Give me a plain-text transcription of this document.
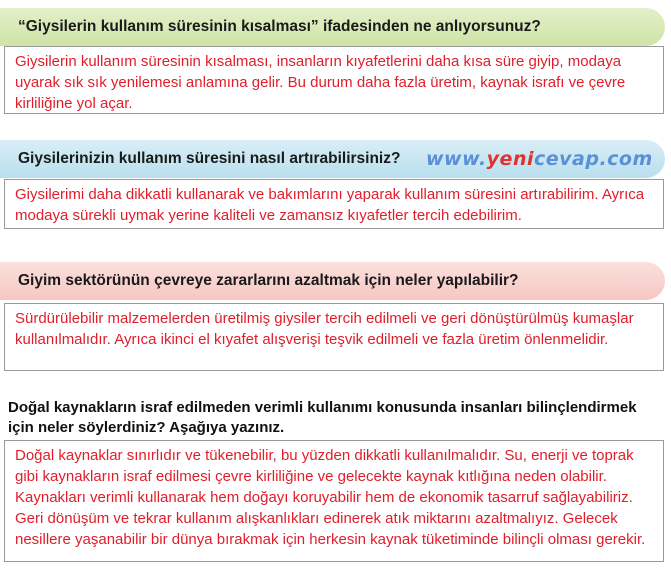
“Giysilerin kullanım süresinin kısalması” ifadesinden ne anlıyorsunuz?
Giysilerin kullanım süresinin kısalması, insanların kıyafetlerini daha kısa süre giyip, modaya uyarak sık sık yenilemesi anlamına gelir. Bu durum daha fazla üretim, kaynak israfı ve çevre kirliliğine yol açar.
Giysilerinizin kullanım süresini nasıl artırabilirsiniz? www.yenicevap.com
Giysilerimi daha dikkatli kullanarak ve bakımlarını yaparak kullanım süresini artırabilirim. Ayrıca modaya sürekli uymak yerine kaliteli ve zamansız kıyafetler tercih edebilirim.
Giyim sektörünün çevreye zararlarını azaltmak için neler yapılabilir?
Sürdürülebilir malzemelerden üretilmiş giysiler tercih edilmeli ve geri dönüştürülmüş kumaşlar kullanılmalıdır. Ayrıca ikinci el kıyafet alışverişi teşvik edilmeli ve fazla üretim önlenmelidir.
Doğal kaynakların israf edilmeden verimli kullanımı konusunda insanları bilinçlendirmek için neler söylerdiniz? Aşağıya yazınız.
Doğal kaynaklar sınırlıdır ve tükenebilir, bu yüzden dikkatli kullanılmalıdır. Su, enerji ve toprak gibi kaynakların israf edilmesi çevre kirliliğine ve gelecekte kaynak kıtlığına neden olabilir. Kaynakları verimli kullanarak hem doğayı koruyabilir hem de ekonomik tasarruf sağlayabiliriz. Geri dönüşüm ve tekrar kullanım alışkanlıkları edinerek atık miktarını azaltmalıyız. Gelecek nesillere yaşanabilir bir dünya bırakmak için herkesin kaynak tüketiminde bilinçli olması gerekir.
